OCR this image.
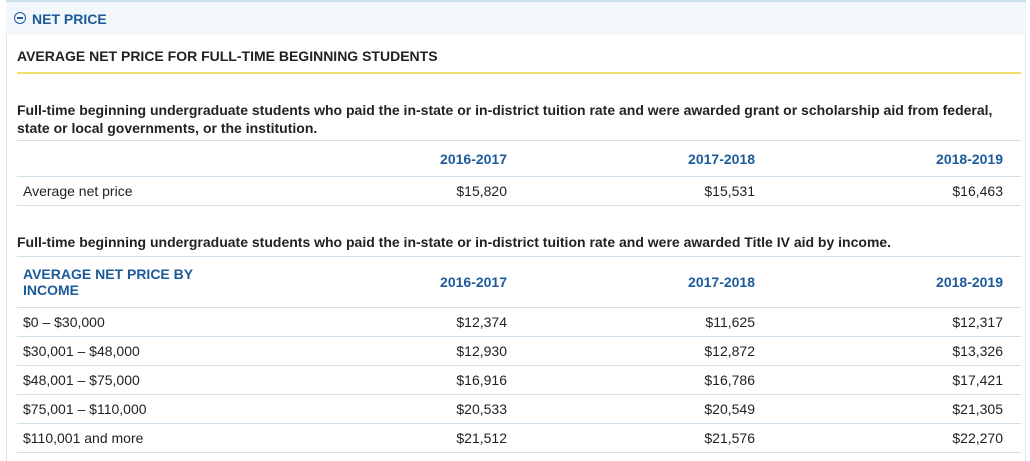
NET PRICE
AVERAGE NET PRICE FOR FULL-TIME BEGINNING STUDENTS
Full-time beginning undergraduate students who paid the in-state or in-district tuition rate and were awarded grant or scholarship aid from federal, state or local governments, or the institution.
	2016-2017	2017-2018	2018-2019
Average net price	$15,820	$15,531	$16,463
Full-time beginning undergraduate students who paid the in-state or in-district tuition rate and were awarded Title IV aid by income.
AVERAGE NET PRICE BY INCOME	2016-2017	2017-2018	2018-2019
$0 – $30,000	$12,374	$11,625	$12,317
$30,001 – $48,000	$12,930	$12,872	$13,326
$48,001 – $75,000	$16,916	$16,786	$17,421
$75,001 – $110,000	$20,533	$20,549	$21,305
$110,001 and more	$21,512	$21,576	$22,270
